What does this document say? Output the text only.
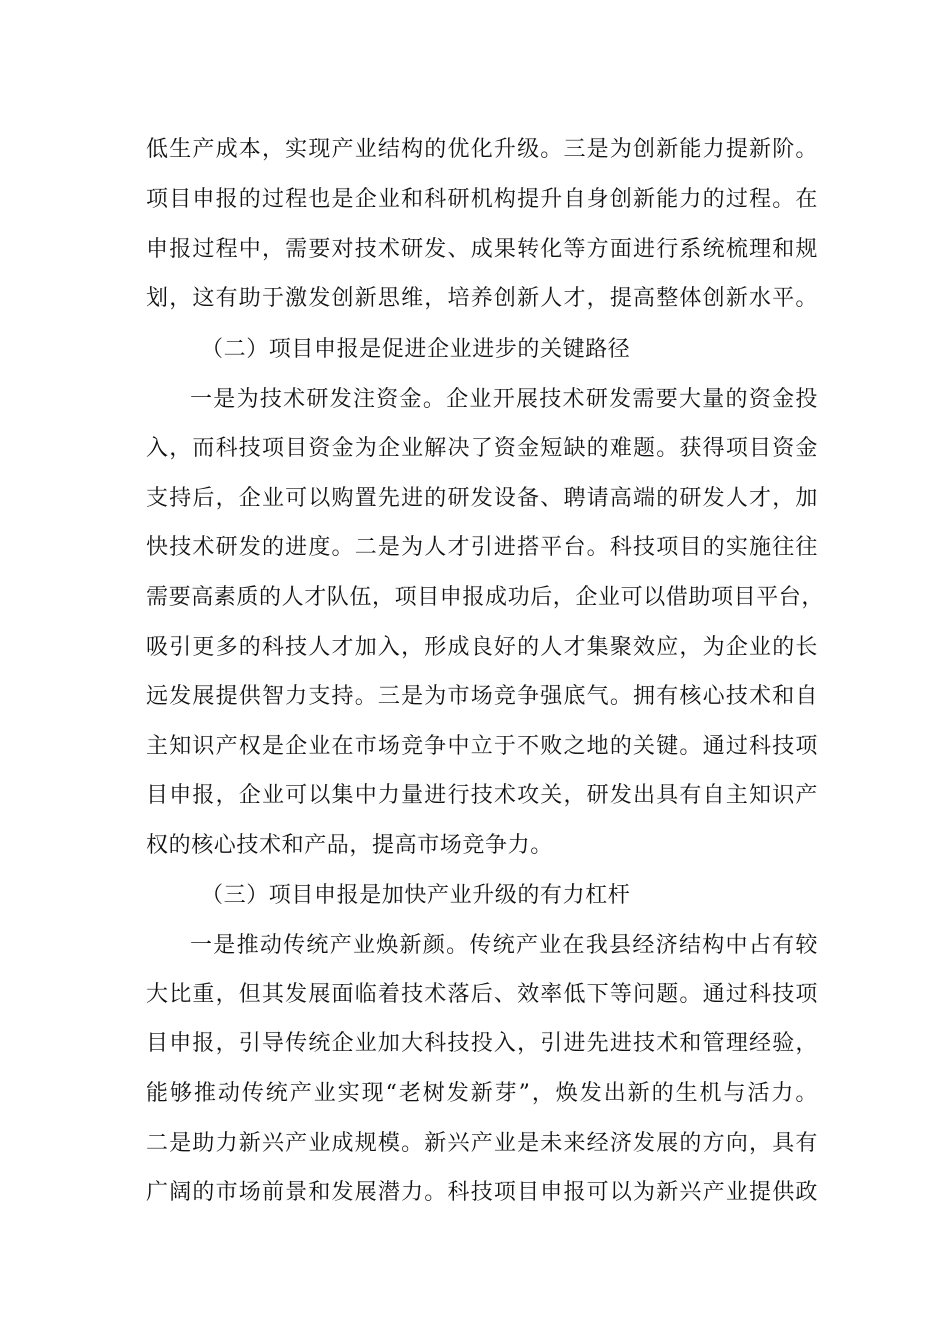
低生产成本，实现产业结构的优化升级。三是为创新能力提新阶。
项目申报的过程也是企业和科研机构提升自身创新能力的过程。在
申报过程中，需要对技术研发、成果转化等方面进行系统梳理和规
划，这有助于激发创新思维，培养创新人才，提高整体创新水平。
（二）项目申报是促进企业进步的关键路径
一是为技术研发注资金。企业开展技术研发需要大量的资金投
入，而科技项目资金为企业解决了资金短缺的难题。获得项目资金
支持后，企业可以购置先进的研发设备、聘请高端的研发人才，加
快技术研发的进度。二是为人才引进搭平台。科技项目的实施往往
需要高素质的人才队伍，项目申报成功后，企业可以借助项目平台，
吸引更多的科技人才加入，形成良好的人才集聚效应，为企业的长
远发展提供智力支持。三是为市场竞争强底气。拥有核心技术和自
主知识产权是企业在市场竞争中立于不败之地的关键。通过科技项
目申报，企业可以集中力量进行技术攻关，研发出具有自主知识产
权的核心技术和产品，提高市场竞争力。
（三）项目申报是加快产业升级的有力杠杆
一是推动传统产业焕新颜。传统产业在我县经济结构中占有较
大比重，但其发展面临着技术落后、效率低下等问题。通过科技项
目申报，引导传统企业加大科技投入，引进先进技术和管理经验，
能够推动传统产业实现“老树发新芽”，焕发出新的生机与活力。
二是助力新兴产业成规模。新兴产业是未来经济发展的方向，具有
广阔的市场前景和发展潜力。科技项目申报可以为新兴产业提供政
